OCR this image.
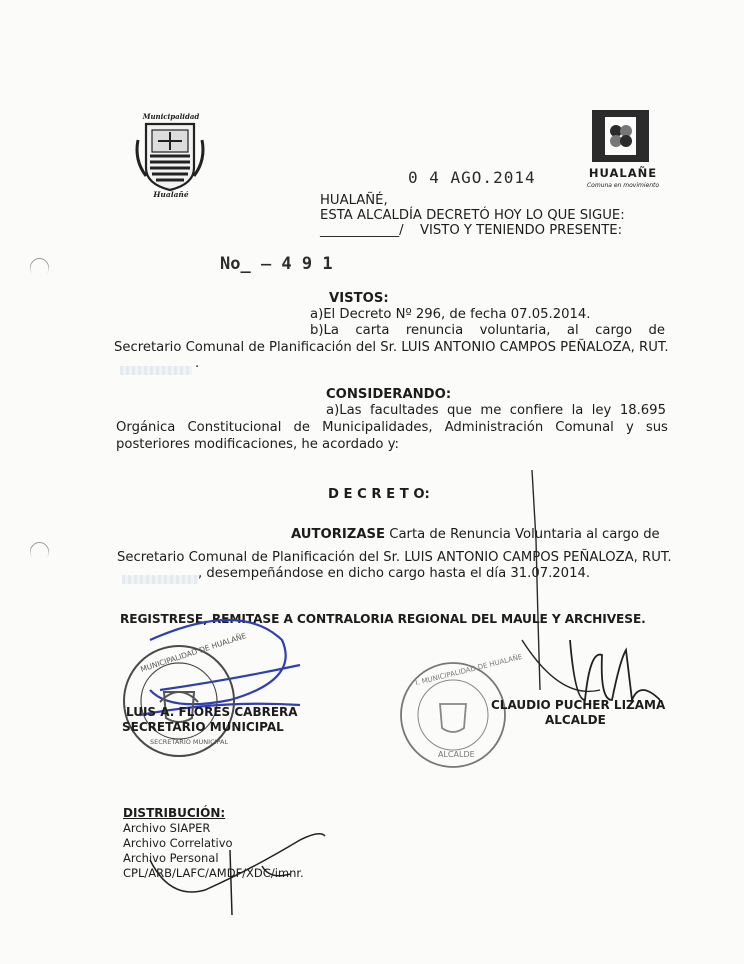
Municipalidad
Hualañé
HUALAÑE
Comuna en movimiento
0 4 AGO.2014
HUALAÑÉ,
ESTA ALCALDÍA DECRETÓ HOY LO QUE SIGUE:
____________/ VISTO Y TENIENDO PRESENTE:
No_ ̶ 4 9 1
VISTOS:
a)El Decreto Nº 296, de fecha 07.05.2014.
b)La carta renuncia voluntaria, al cargo de
Secretario Comunal de Planificación del Sr. LUIS ANTONIO CAMPOS PEÑALOZA, RUT.
.
CONSIDERANDO:
a)Las facultades que me confiere la ley 18.695
Orgánica Constitucional de Municipalidades, Administración Comunal y sus
posteriores modificaciones, he acordado y:
D E C R E T O:
AUTORIZASE Carta de Renuncia Voluntaria al cargo de
Secretario Comunal de Planificación del Sr. LUIS ANTONIO CAMPOS PEÑALOZA, RUT.
, desempeñándose en dicho cargo hasta el día 31.07.2014.
REGISTRESE, REMITASE A CONTRALORIA REGIONAL DEL MAULE Y ARCHIVESE.
MUNICIPALIDAD DE HUALAÑE
SECRETARIO MUNICIPAL
I. MUNICIPALIDAD DE HUALAÑE
ALCALDE
LUIS A. FLORES CABRERA
SECRETARIO MUNICIPAL
CLAUDIO PUCHER LIZAMA
ALCALDE
DISTRIBUCIÓN:
Archivo SIAPER
Archivo Correlativo
Archivo Personal
CPL/ARB/LAFC/AMDF/XDC/imnr.
